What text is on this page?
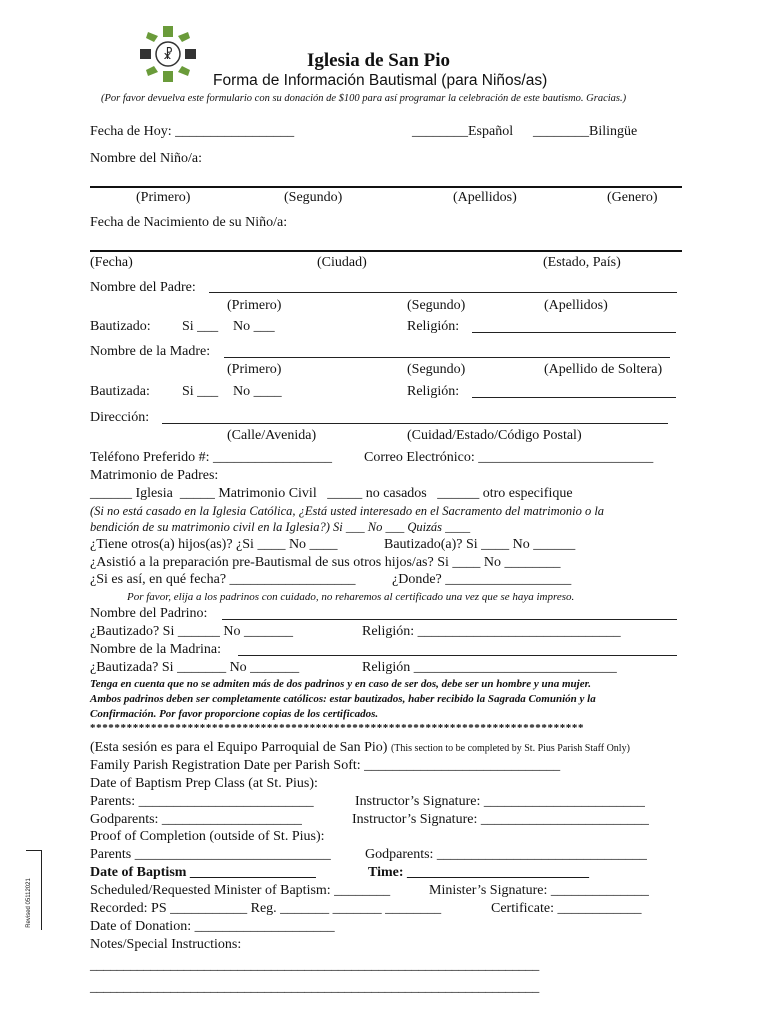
☧	Iglesia de San Pio
Forma de Información Bautismal (para Niños/as)
(Por favor devuelva este formulario con su donación de $100 para así programar la celebración de este bautismo. Gracias.)
Fecha de Hoy: _________________	________Español ________Bilingüe
Nombre del Niño/a:
(Primero)	(Segundo)	(Apellidos)	(Genero)
Fecha de Nacimiento de su Niño/a:
(Fecha)	(Ciudad)	(Estado, País)
Nombre del Padre:
(Primero)	(Segundo)	(Apellidos)
Bautizado: Si ___ No ___	Religión:
Nombre de la Madre:
(Primero)	(Segundo)	(Apellido de Soltera)
Bautizada: Si ___ No ____	Religión:
Dirección:
(Calle/Avenida)	(Cuidad/Estado/Código Postal)
Teléfono Preferido #: _________________ Correo Electrónico: _________________________
Matrimonio de Padres:
______ Iglesia  _____ Matrimonio Civil   _____ no casados   ______ otro especifique
(Si no está casado en la Iglesia Católica, ¿Está usted interesado en el Sacramento del matrimonio o la
bendición de su matrimonio civil en la Iglesia?) Si ___ No ___ Quizás ____
¿Tiene otros(a) hijos(as)? ¿Si ____ No ____	Bautizado(a)? Si ____ No ______
¿Asistió a la preparación pre-Bautismal de sus otros hijos/as? Si ____ No ________
¿Si es así, en qué fecha? __________________	¿Donde? __________________
Por favor, elija a los padrinos con cuidado, no reharemos al certificado una vez que se haya impreso.
Nombre del Padrino:
¿Bautizado? Si ______ No _______	Religión: _____________________________
Nombre de la Madrina:
¿Bautizada? Si _______ No _______	Religión _____________________________
Tenga en cuenta que no se admiten más de dos padrinos y en caso de ser dos, debe ser un hombre y una mujer.
Ambos padrinos deben ser completamente católicos: estar bautizados, haber recibido la Sagrada Comunión y la
Confirmación. Por favor proporcione copias de los certificados.
*********************************************************************************
(Esta sesión es para el Equipo Parroquial de San Pio) (This section to be completed by St. Pius Parish Staff Only)
Family Parish Registration Date per Parish Soft: ____________________________
Date of Baptism Prep Class (at St. Pius):
Parents: _________________________	Instructor’s Signature: _______________________
Godparents: ____________________	Instructor’s Signature: ________________________
Proof of Completion (outside of St. Pius):
Parents ____________________________ Godparents: ______________________________
Date of Baptism __________________	Time: __________________________
Scheduled/Requested Minister of Baptism: ________	Minister’s Signature: ______________
Recorded: PS ___________ Reg. _______ _______ ________	Certificate: ____________
Date of Donation: ____________________
Notes/Special Instructions:
___________________________________________________________________
___________________________________________________________________
Revised 05112021
